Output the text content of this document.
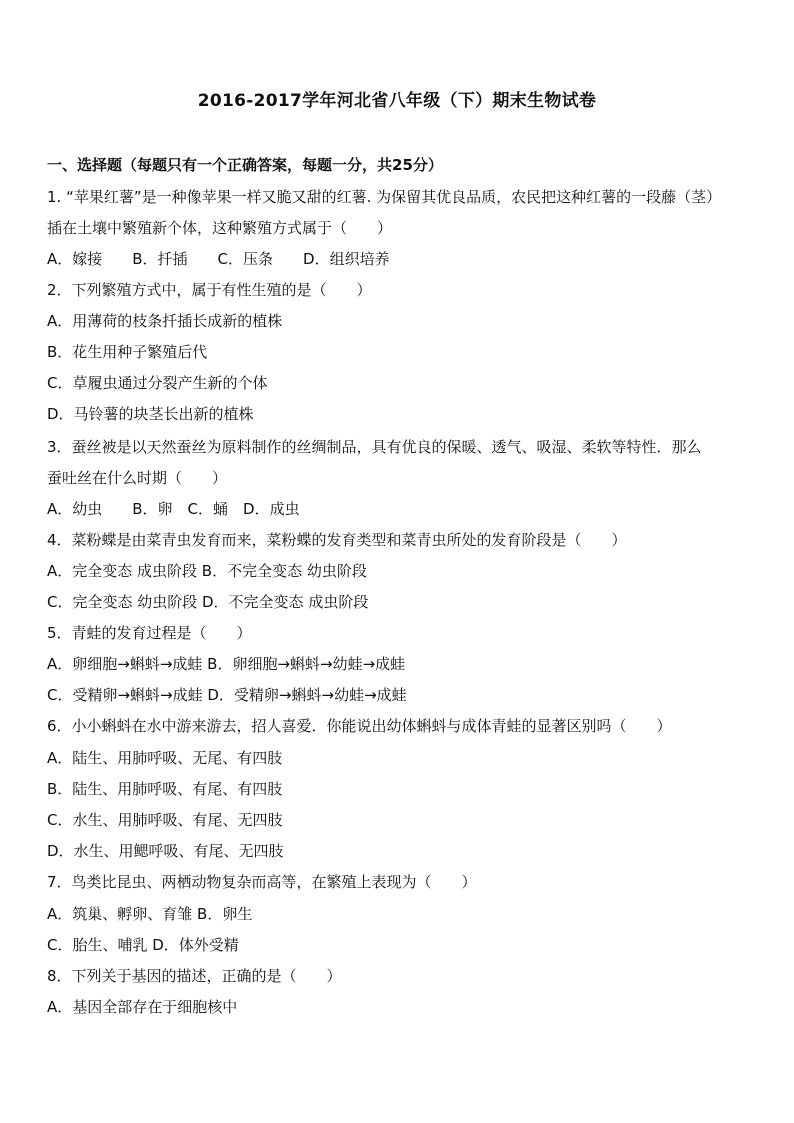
2016-2017学年河北省八年级（下）期末生物试卷
一、选择题（每题只有一个正确答案，每题一分，共25分）
1. “苹果红薯”是一种像苹果一样又脆又甜的红薯. 为保留其优良品质，农民把这种红薯的一段藤（茎）
插在土壤中繁殖新个体，这种繁殖方式属于（　　）
A．嫁接　　B．扦插　　C．压条　　D．组织培养
2．下列繁殖方式中，属于有性生殖的是（　　）
A．用薄荷的枝条扦插长成新的植株
B．花生用种子繁殖后代
C．草履虫通过分裂产生新的个体
D．马铃薯的块茎长出新的植株
3．蚕丝被是以天然蚕丝为原料制作的丝绸制品，具有优良的保暖、透气、吸湿、柔软等特性．那么
蚕吐丝在什么时期（　　）
A．幼虫　　B．卵　C．蛹　D．成虫
4．菜粉蝶是由菜青虫发育而来，菜粉蝶的发育类型和菜青虫所处的发育阶段是（　　）
A．完全变态 成虫阶段 B．不完全变态 幼虫阶段
C．完全变态 幼虫阶段 D．不完全变态 成虫阶段
5．青蛙的发育过程是（　　）
A．卵细胞→蝌蚪→成蛙 B．卵细胞→蝌蚪→幼蛙→成蛙
C．受精卵→蝌蚪→成蛙 D．受精卵→蝌蚪→幼蛙→成蛙
6．小小蝌蚪在水中游来游去，招人喜爱．你能说出幼体蝌蚪与成体青蛙的显著区别吗（　　）
A．陆生、用肺呼吸、无尾、有四肢
B．陆生、用肺呼吸、有尾、有四肢
C．水生、用肺呼吸、有尾、无四肢
D．水生、用鳃呼吸、有尾、无四肢
7．鸟类比昆虫、两栖动物复杂而高等，在繁殖上表现为（　　）
A．筑巢、孵卵、育雏 B．卵生
C．胎生、哺乳 D．体外受精
8．下列关于基因的描述，正确的是（　　）
A．基因全部存在于细胞核中
